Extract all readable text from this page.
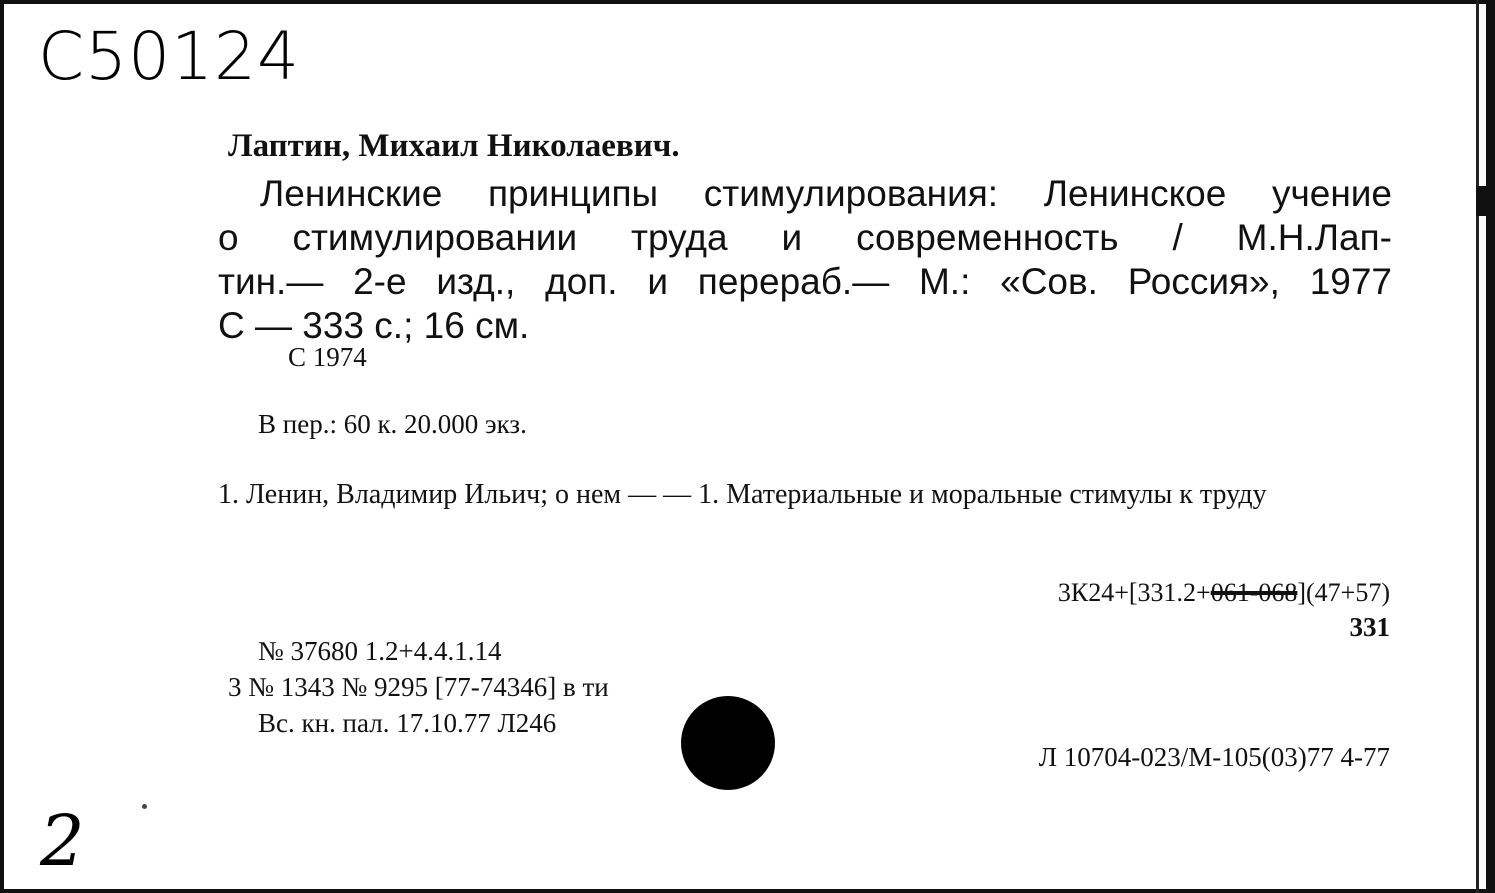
С50124
Лаптин, Михаил Николаевич.
Ленинские принципы стимулирования: Ленинское учение
о стимулировании труда и современность / М.Н.Лап-
тин.— 2-е изд., доп. и перераб.— М.: «Сов. Россия», 1977
С — 333 с.; 16 см.
С 1974
В пер.: 60 к. 20.000 экз.
1. Ленин, Владимир Ильич; о нем — — 1. Материальные и моральные стимулы к труду
3К24+[331.2+061-068](47+57)
331
№ 37680 1.2+4.4.1.14
3 № 1343 № 9295 [77-74346] в ти
Вс. кн. пал. 17.10.77 Л246
Л 10704-023/М-105(03)77 4-77
2
